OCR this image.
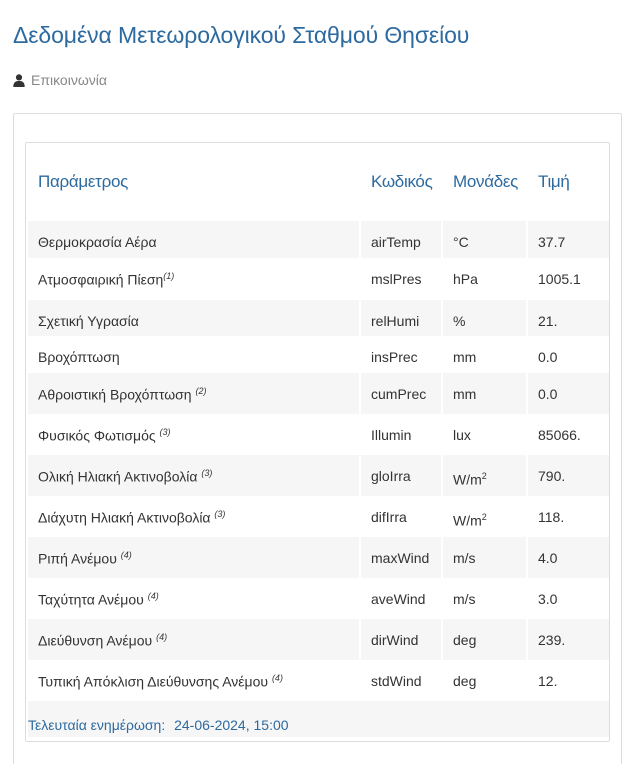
Δεδομένα Μετεωρολογικού Σταθμού Θησείου
Επικοινωνία
Παράμετρος	Κωδικός	Μονάδες	Τιμή
Θερμοκρασία Αέρα	airTemp	°C	37.7
Ατμοσφαιρική Πίεση$^{(1)}$	mslPres	hPa	1005.1
Σχετική Υγρασία	relHumi	%	21.
Βροχόπτωση	insPrec	mm	0.0
Αθροιστική Βροχόπτωση $^{(2)}$	cumPrec	mm	0.0
Φυσικός Φωτισμός $^{(3)}$	Illumin	lux	85066.
Ολική Ηλιακή Ακτινοβολία $^{(3)}$	gloIrra	$W/m^2$	790.
Διάχυτη Ηλιακή Ακτινοβολία $^{(3)}$	difIrra	$W/m^2$	118.
Ριπή Ανέμου $^{(4)}$	maxWind	m/s	4.0
Ταχύτητα Ανέμου $^{(4)}$	aveWind	m/s	3.0
Διεύθυνση Ανέμου $^{(4)}$	dirWind	deg	239.
Τυπική Απόκλιση Διεύθυνσης Ανέμου $^{(4)}$	stdWind	deg	12.
Τελευταία ενημέρωση: 24-06-2024, 15:00			
